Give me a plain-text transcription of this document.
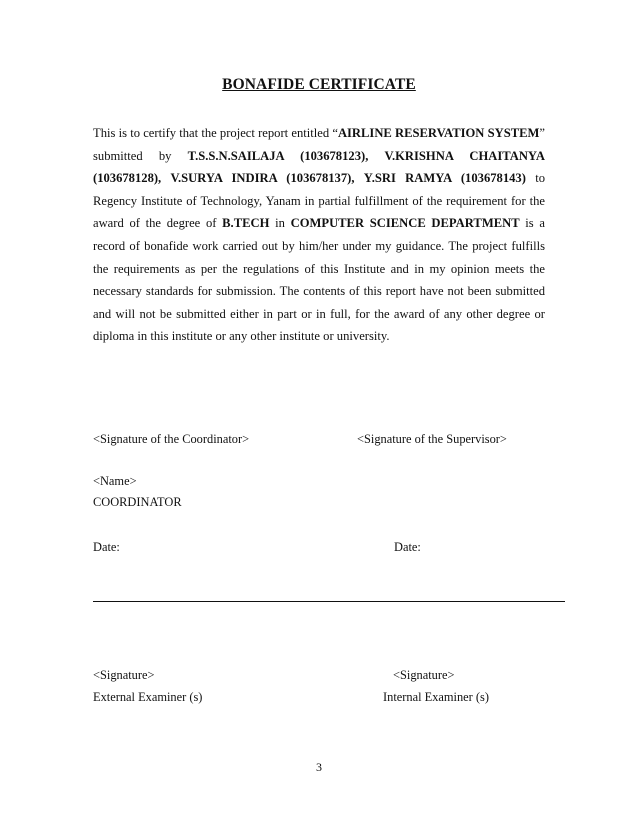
BONAFIDE CERTIFICATE
This is to certify that the project report entitled “AIRLINE RESERVATION SYSTEM” submitted by T.S.S.N.SAILAJA (103678123), V.KRISHNA CHAITANYA (103678128), V.SURYA INDIRA (103678137), Y.SRI RAMYA (103678143) to Regency Institute of Technology, Yanam in partial fulfillment of the requirement for the award of the degree of B.TECH in COMPUTER SCIENCE DEPARTMENT is a record of bonafide work carried out by him/her under my guidance. The project fulfills the requirements as per the regulations of this Institute and in my opinion meets the necessary standards for submission. The contents of this report have not been submitted and will not be submitted either in part or in full, for the award of any other degree or diploma in this institute or any other institute or university.
<Signature of the Coordinator>	<Signature of the Supervisor>
<Name>
COORDINATOR
Date:	Date:
<Signature>	<Signature>
External Examiner (s)	Internal Examiner (s)
3
